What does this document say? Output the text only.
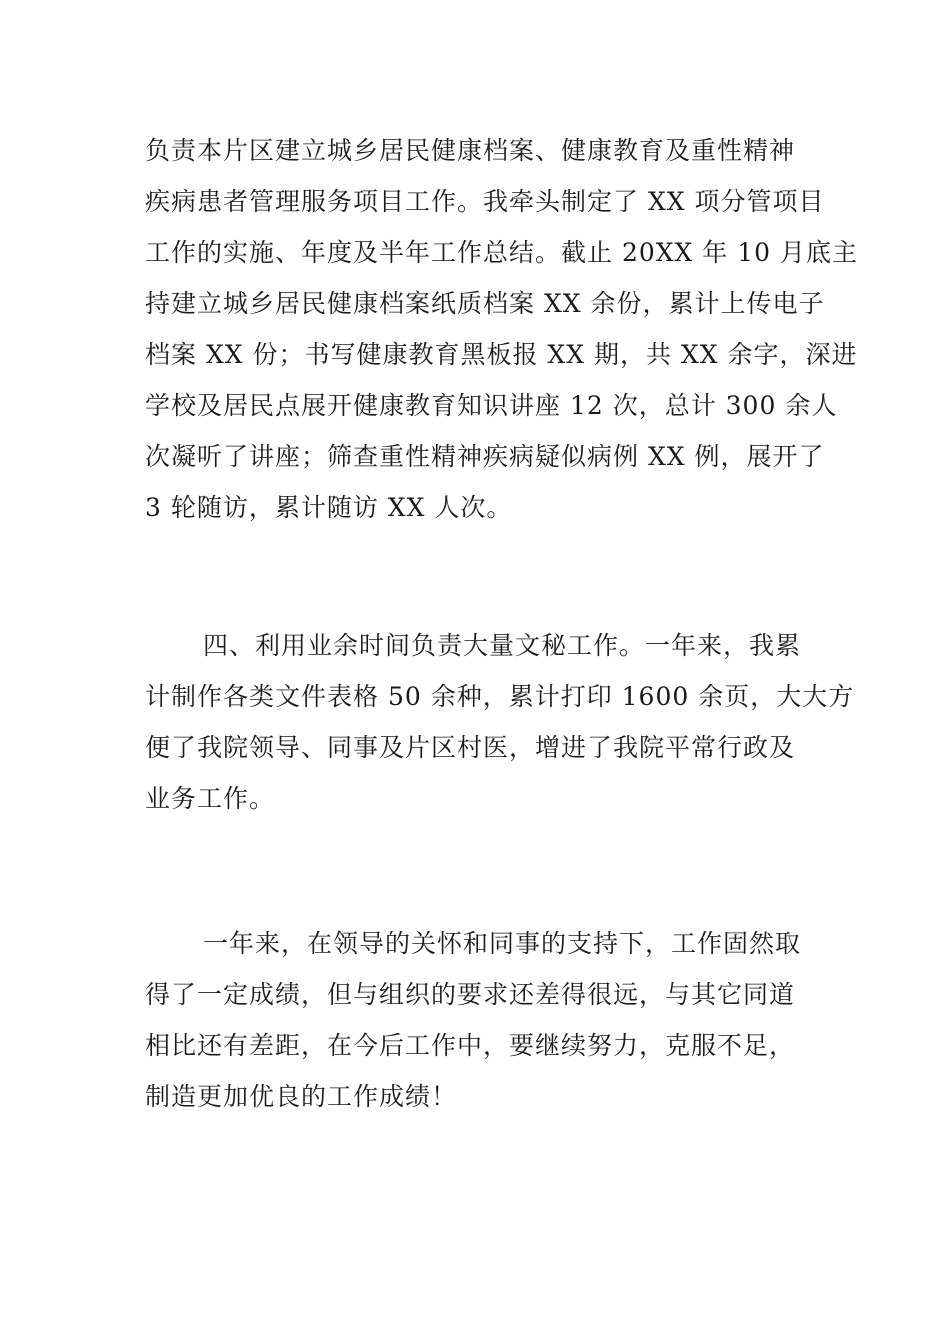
负责本片区建立城乡居民健康档案、健康教育及重性精神
疾病患者管理服务项目工作。我牵头制定了 XX 项分管项目
工作的实施、年度及半年工作总结。截止 20XX 年 10 月底主
持建立城乡居民健康档案纸质档案 XX 余份，累计上传电子
档案 XX 份；书写健康教育黑板报 XX 期，共 XX 余字，深进
学校及居民点展开健康教育知识讲座 12 次，总计 300 余人
次凝听了讲座；筛查重性精神疾病疑似病例 XX 例，展开了
3 轮随访，累计随访 XX 人次。
四、利用业余时间负责大量文秘工作。一年来，我累
计制作各类文件表格 50 余种，累计打印 1600 余页，大大方
便了我院领导、同事及片区村医，增进了我院平常行政及
业务工作。
一年来，在领导的关怀和同事的支持下，工作固然取
得了一定成绩，但与组织的要求还差得很远，与其它同道
相比还有差距，在今后工作中，要继续努力，克服不足，
制造更加优良的工作成绩！
